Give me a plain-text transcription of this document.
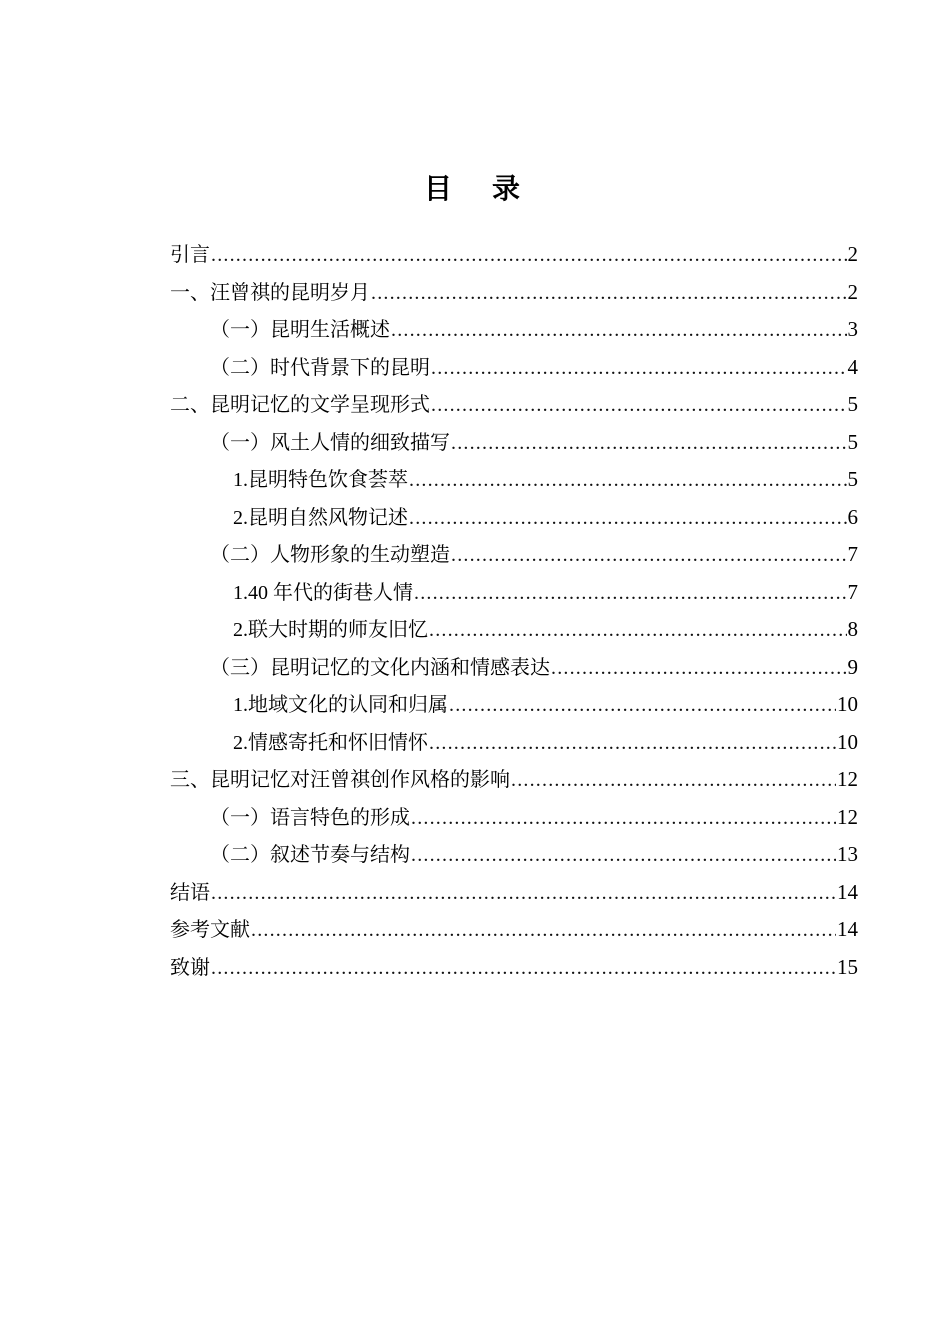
目　录
引言 .....	2
一、汪曾祺的昆明岁月 .....	2
（一）昆明生活概述 .....	3
（二）时代背景下的昆明 .....	4
二、昆明记忆的文学呈现形式 .....	5
（一）风土人情的细致描写 .....	5
1.昆明特色饮食荟萃 .....	5
2.昆明自然风物记述 .....	6
（二）人物形象的生动塑造 .....	7
1.40 年代的街巷人情 .....	7
2.联大时期的师友旧忆 .....	8
（三）昆明记忆的文化内涵和情感表达 .....	9
1.地域文化的认同和归属 .....	10
2.情感寄托和怀旧情怀 .....	10
三、昆明记忆对汪曾祺创作风格的影响 .....	12
（一）语言特色的形成 .....	12
（二）叙述节奏与结构 .....	13
结语 .....	14
参考文献 .....	14
致谢 .....	15
